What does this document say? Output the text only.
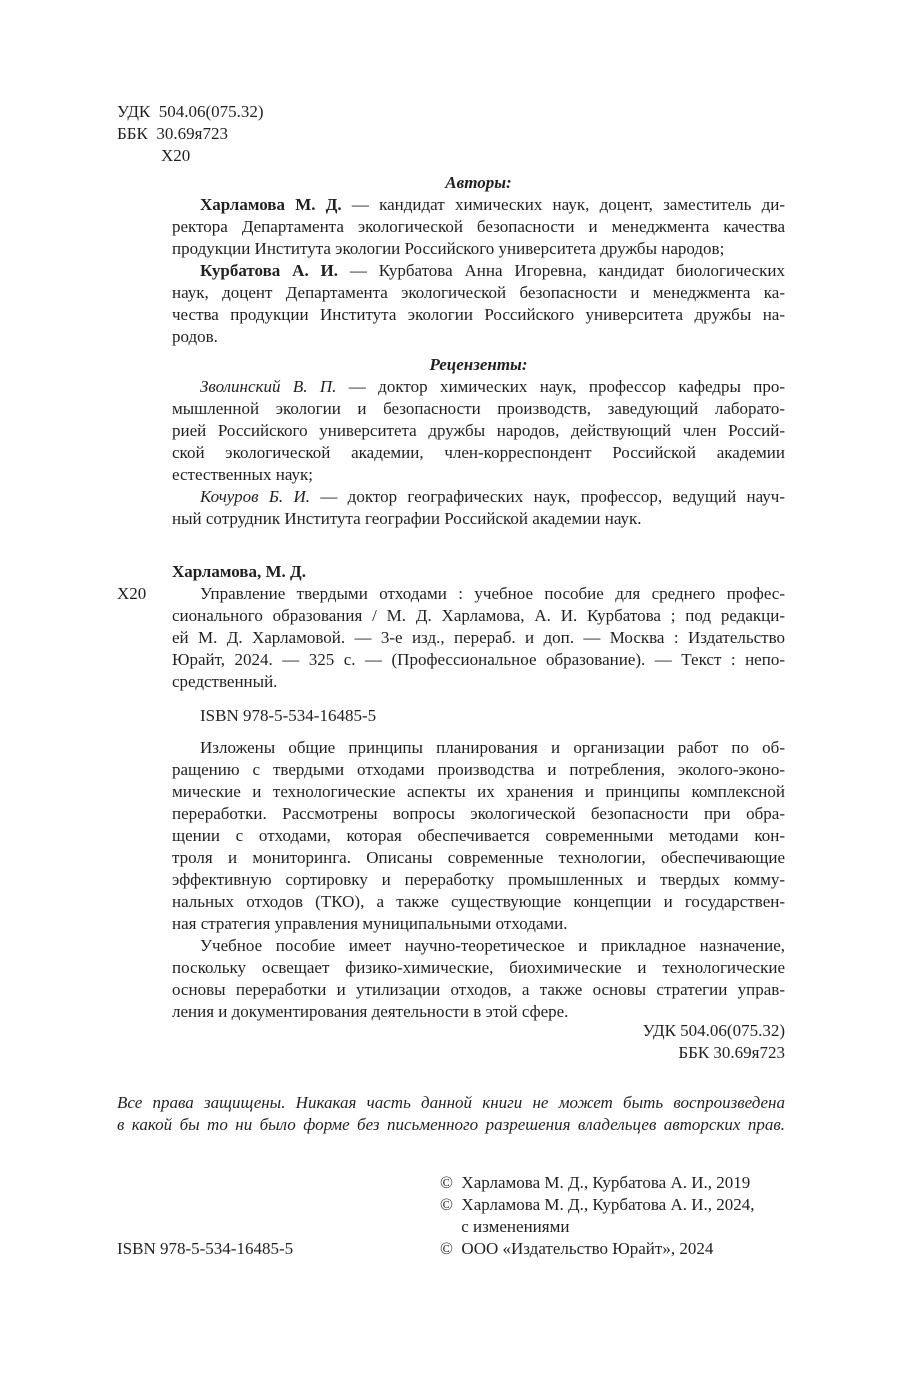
УДК 504.06(075.32)
ББК 30.69я723
Х20
Авторы:
Харламова М. Д. — кандидат химических наук, доцент, заместитель ди-
ректора Департамента экологической безопасности и менеджмента качества
продукции Института экологии Российского университета дружбы народов;
Курбатова А. И. — Курбатова Анна Игоревна, кандидат биологических
наук, доцент Департамента экологической безопасности и менеджмента ка-
чества продукции Института экологии Российского университета дружбы на-
родов.
Рецензенты:
Зволинский В. П. — доктор химических наук, профессор кафедры про-
мышленной экологии и безопасности производств, заведующий лаборато-
рией Российского университета дружбы народов, действующий член Россий-
ской экологической академии, член-корреспондент Российской академии
естественных наук;
Кочуров Б. И. — доктор географических наук, профессор, ведущий науч-
ный сотрудник Института географии Российской академии наук.
Харламова, М. Д.
Х20	Управление твердыми отходами : учебное пособие для среднего профес-
сионального образования / М. Д. Харламова, А. И. Курбатова ; под редакци-
ей М. Д. Харламовой. — 3-е изд., перераб. и доп. — Москва : Издательство
Юрайт, 2024. — 325 с. — (Профессиональное образование). — Текст : непо-
средственный.
ISBN 978-5-534-16485-5
Изложены общие принципы планирования и организации работ по об-
ращению с твердыми отходами производства и потребления, эколого-эконо-
мические и технологические аспекты их хранения и принципы комплексной
переработки. Рассмотрены вопросы экологической безопасности при обра-
щении с отходами, которая обеспечивается современными методами кон-
троля и мониторинга. Описаны современные технологии, обеспечивающие
эффективную сортировку и переработку промышленных и твердых комму-
нальных отходов (ТКО), а также существующие концепции и государствен-
ная стратегия управления муниципальными отходами.
Учебное пособие имеет научно-теоретическое и прикладное назначение,
поскольку освещает физико-химические, биохимические и технологические
основы переработки и утилизации отходов, а также основы стратегии управ-
ления и документирования деятельности в этой сфере.
УДК 504.06(075.32)
ББК 30.69я723
Все права защищены. Никакая часть данной книги не может быть воспроизведена
в какой бы то ни было форме без письменного разрешения владельцев авторских прав.
©  Харламова М. Д., Курбатова А. И., 2019
©  Харламова М. Д., Курбатова А. И., 2024,
с изменениями
©  ООО «Издательство Юрайт», 2024
ISBN 978-5-534-16485-5
